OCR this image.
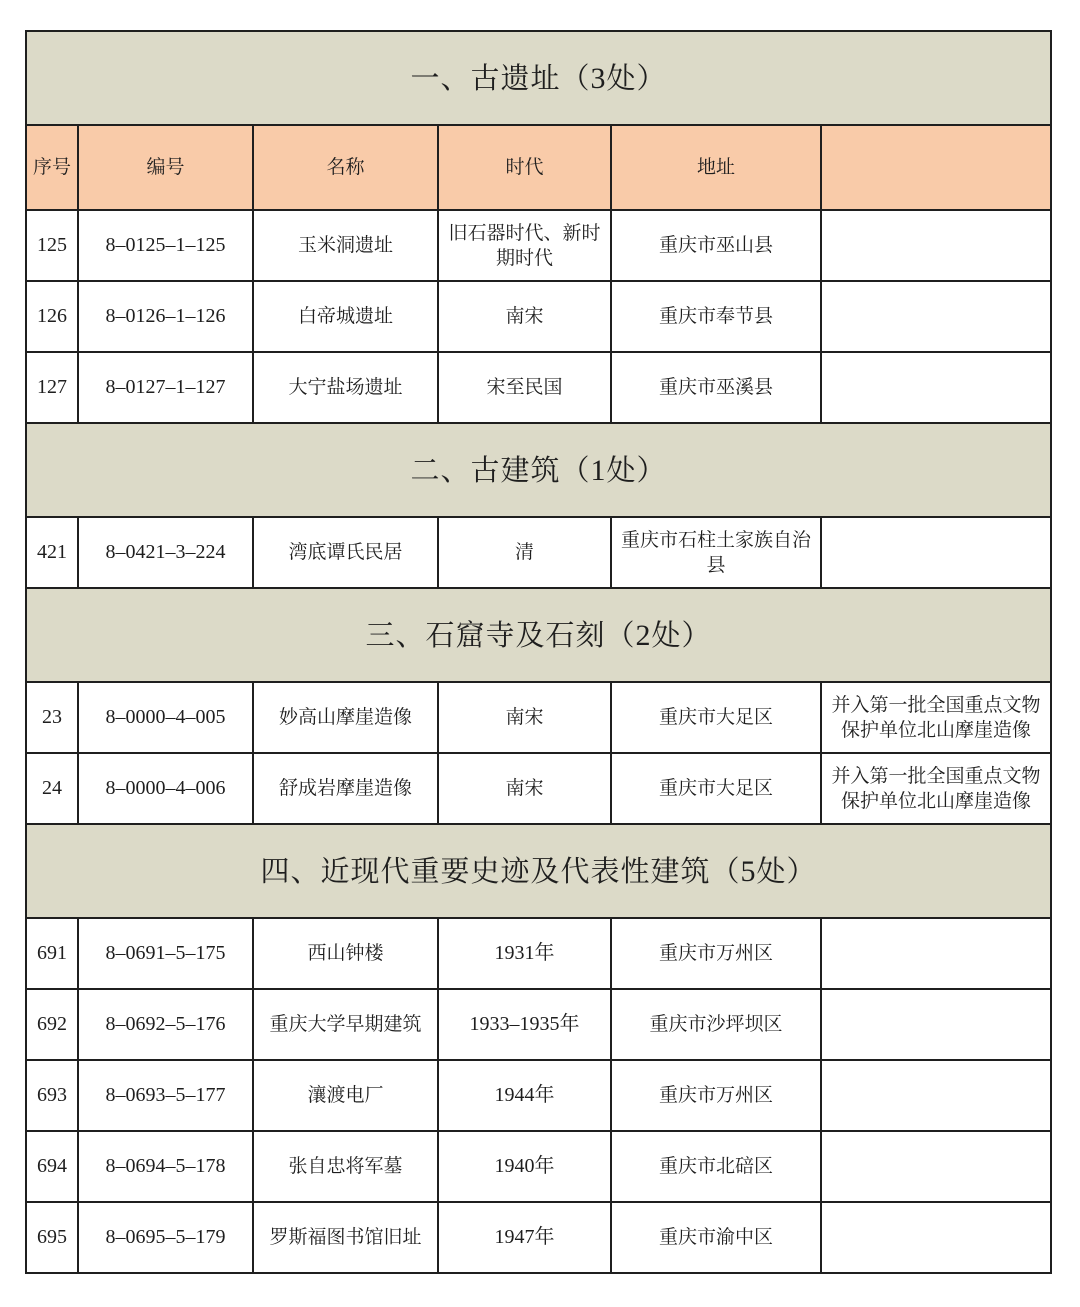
一、古遗址（3处）					
序号	编号	名称	时代	地址	
125	8–0125–1–125	玉米洞遗址	旧石器时代、新时期时代	重庆市巫山县	
126	8–0126–1–126	白帝城遗址	南宋	重庆市奉节县	
127	8–0127–1–127	大宁盐场遗址	宋至民国	重庆市巫溪县	
二、古建筑（1处）					
421	8–0421–3–224	湾底谭氏民居	清	重庆市石柱土家族自治县	
三、石窟寺及石刻（2处）					
23	8–0000–4–005	妙高山摩崖造像	南宋	重庆市大足区	并入第一批全国重点文物保护单位北山摩崖造像
24	8–0000–4–006	舒成岩摩崖造像	南宋	重庆市大足区	并入第一批全国重点文物保护单位北山摩崖造像
四、近现代重要史迹及代表性建筑（5处）					
691	8–0691–5–175	西山钟楼	1931年	重庆市万州区	
692	8–0692–5–176	重庆大学早期建筑	1933–1935年	重庆市沙坪坝区	
693	8–0693–5–177	瀼渡电厂	1944年	重庆市万州区	
694	8–0694–5–178	张自忠将军墓	1940年	重庆市北碚区	
695	8–0695–5–179	罗斯福图书馆旧址	1947年	重庆市渝中区	
